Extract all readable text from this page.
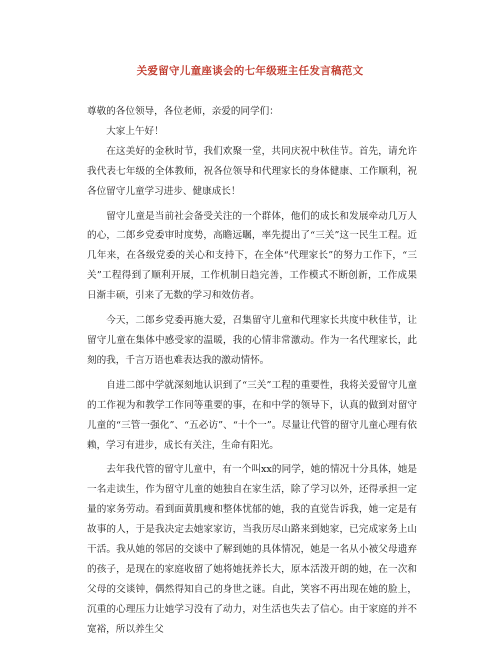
关爱留守儿童座谈会的七年级班主任发言稿范文

尊敬的各位领导，各位老师，亲爱的同学们：

大家上午好！

在这美好的金秋时节，我们欢聚一堂，共同庆祝中秋佳节。首先，请允许我代表七年级的全体教师，祝各位领导和代理家长的身体健康、工作顺利，祝各位留守儿童学习进步、健康成长！

留守儿童是当前社会备受关注的一个群体，他们的成长和发展牵动几万人的心，二郎乡党委审时度势，高瞻远瞩，率先提出了“三关”这一民生工程。近几年来，在各级党委的关心和支持下，在全体“代理家长”的努力工作下，“三关”工程得到了顺利开展，工作机制日趋完善，工作模式不断创新，工作成果日渐丰硕，引来了无数的学习和效仿者。

今天，二郎乡党委再施大爱，召集留守儿童和代理家长共度中秋佳节，让留守儿童在集体中感受家的温暖，我的心情非常激动。作为一名代理家长，此刻的我，千言万语也难表达我的激动情怀。

自进二郎中学就深刻地认识到了“三关”工程的重要性，我将关爱留守儿童的工作视为和教学工作同等重要的事，在和中学的领导下，认真的做到对留守儿童的“三管一强化”、“五必访”、“十个一”。尽量让代管的留守儿童心理有依赖，学习有进步，成长有关注，生命有阳光。

去年我代管的留守儿童中，有一个叫xx的同学，她的情况十分具体，她是一名走读生，作为留守儿童的她独自在家生活，除了学习以外，还得承担一定量的家务劳动。看到面黄肌瘦和整体忧郁的她，我的直觉告诉我，她一定是有故事的人，于是我决定去她家家访，当我历尽山路来到她家，已完成家务上山干活。我从她的邻居的交谈中了解到她的具体情况，她是一名从小被父母遗弃的孩子，是现在的家庭收留了她将她抚养长大，原本活泼开朗的她，在一次和父母的交谈钟，偶然得知自己的身世之谜。自此，笑容不再出现在她的脸上，沉重的心理压力让她学习没有了动力，对生活也失去了信心。由于家庭的并不宽裕，所以养生父
